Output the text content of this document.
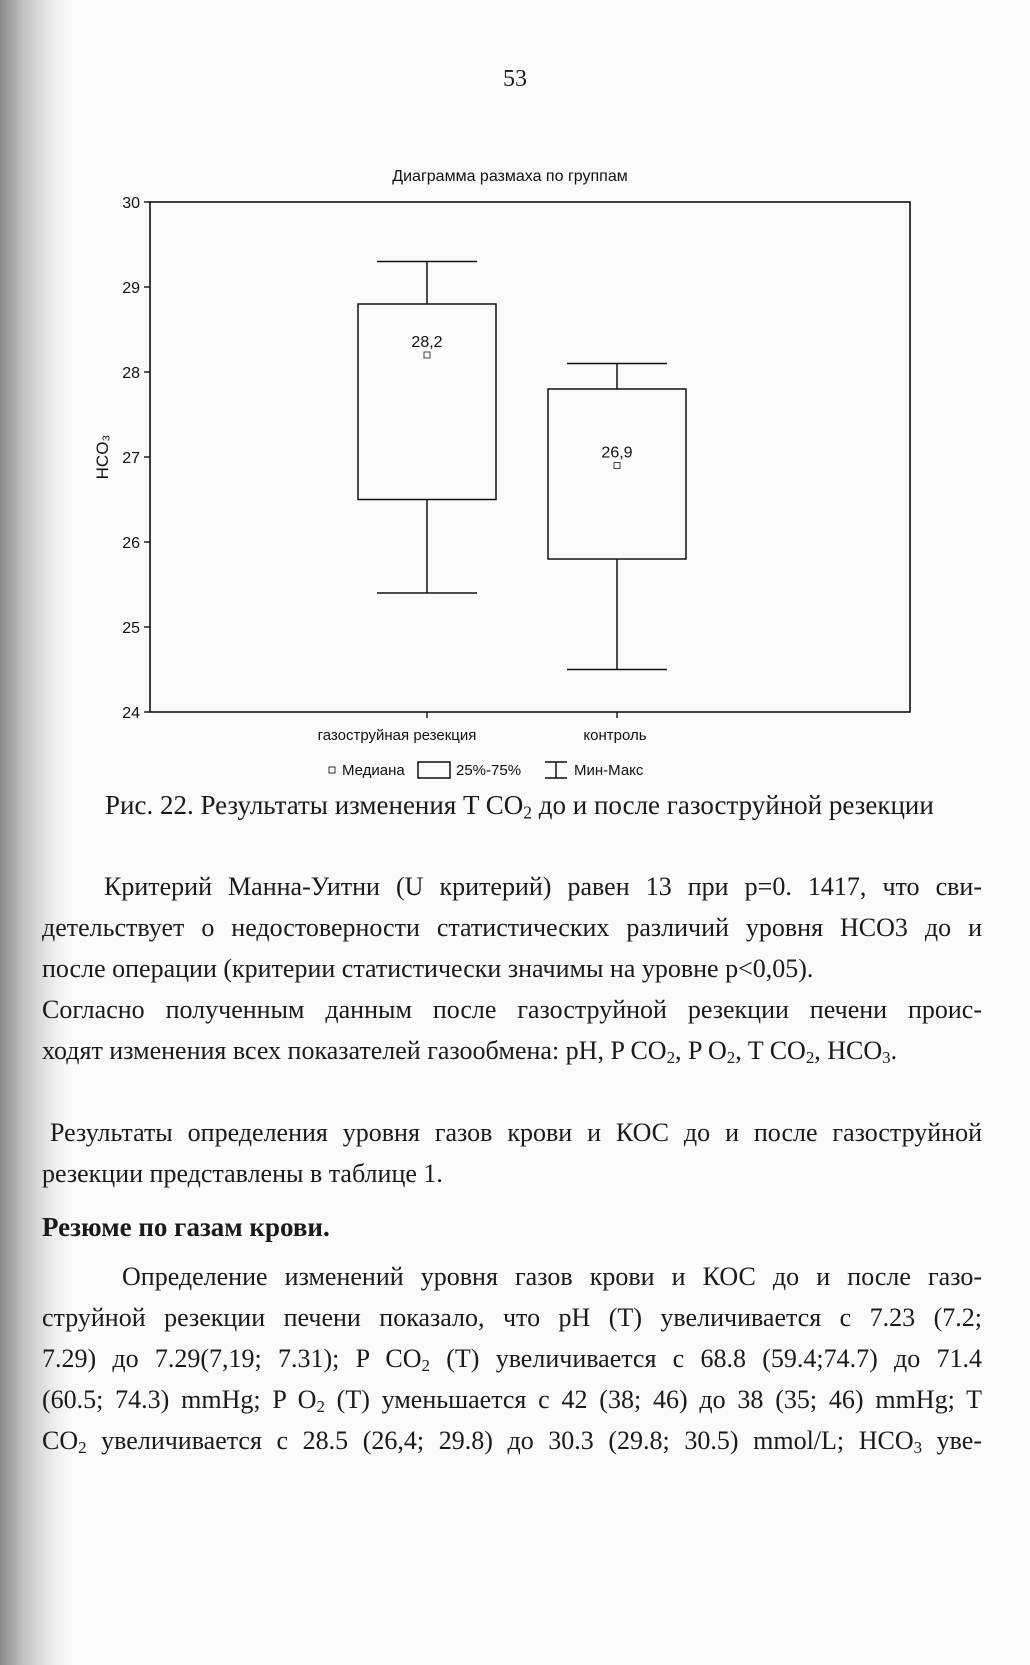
53
Диаграмма размаха по группам
24
25
26
27
28
29
30
HCO₃
28,2
26,9
газоструйная резекция	контроль
Медиана	25%-75%	Мин-Макс
Рис. 22. Результаты изменения T $CO_2$ до и после газоструйной резекции
Критерий Манна-Уитни (U критерий) равен 13 при p=0. 1417, что сви-
детельствует о недостоверности статистических различий уровня HCO3 до и
после операции (критерии статистически значимы на уровне p<0,05).
Согласно полученным данным после газоструйной резекции печени проис-
ходят изменения всех показателей газообмена: pH, P $CO_2$, P $O_2$, T $CO_2$, $HCO_3$.
Результаты определения уровня газов крови и КОС до и после газоструйной
резекции представлены в таблице 1.
Резюме по газам крови.
Определение изменений уровня газов крови и КОС до и после газо-
струйной резекции печени показало, что pH (T) увеличивается с 7.23 (7.2;
7.29) до 7.29(7,19; 7.31); P $CO_2$ (T) увеличивается с 68.8 (59.4;74.7) до 71.4
(60.5; 74.3) mmHg; P $O_2$ (T) уменьшается с 42 (38; 46) до 38 (35; 46) mmHg; T
$CO_2$ увеличивается с 28.5 (26,4; 29.8) до 30.3 (29.8; 30.5) mmol/L; $HCO_3$ уве-
